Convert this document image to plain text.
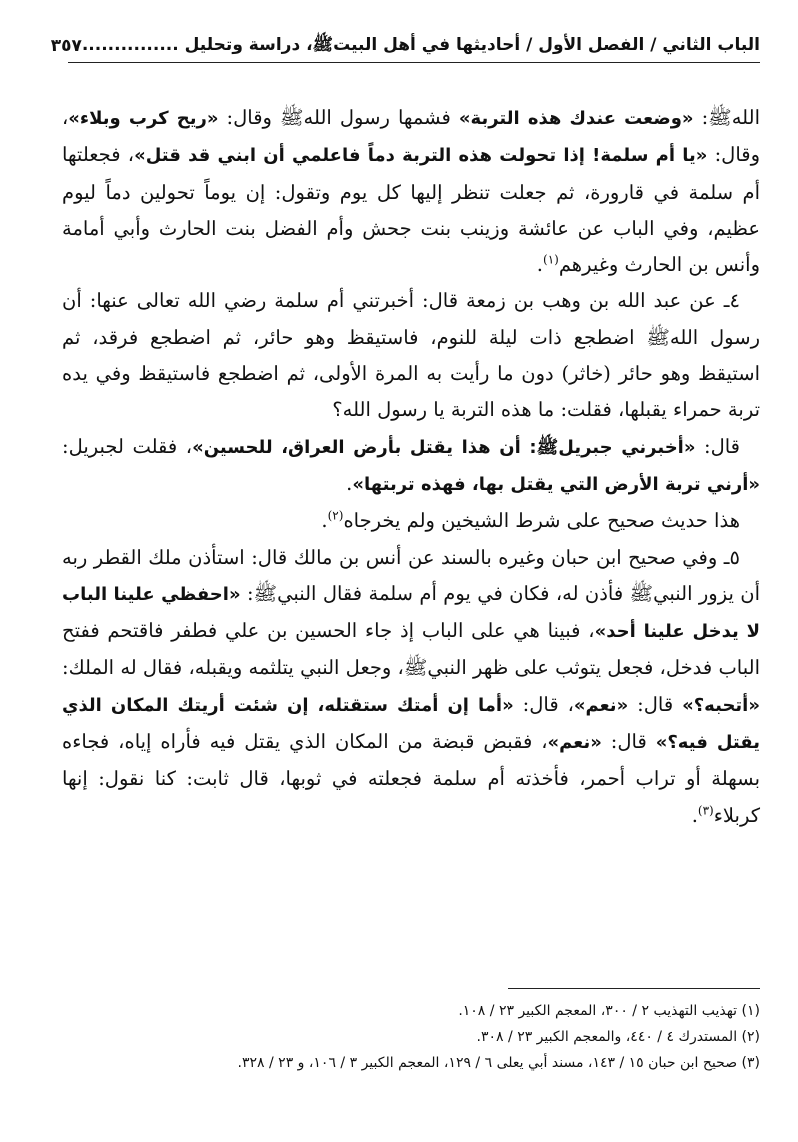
الباب الثاني / الفصل الأول / أحاديثها في أهل البيتﷺ، دراسة وتحليل ...............
٣٥٧

اللهﷺ: «وضعت عندك هذه التربة» فشمها رسول اللهﷺ وقال: «ريح كرب وبلاء»، وقال: «يا أم سلمة! إذا تحولت هذه التربة دماً فاعلمي أن ابني قد قتل»، فجعلتها أم سلمة في قارورة، ثم جعلت تنظر إليها كل يوم وتقول: إن يوماً تحولين دماً ليوم عظيم، وفي الباب عن عائشة وزينب بنت جحش وأم الفضل بنت الحارث وأبي أمامة وأنس بن الحارث وغيرهم$^{(١)}$.

٤ـ عن عبد الله بن وهب بن زمعة قال: أخبرتني أم سلمة رضي الله تعالى عنها: أن رسول اللهﷺ اضطجع ذات ليلة للنوم، فاستيقظ وهو حائر، ثم اضطجع فرقد، ثم استيقظ وهو حائر (خاثر) دون ما رأيت به المرة الأولى، ثم اضطجع فاستيقظ وفي يده تربة حمراء يقبلها، فقلت: ما هذه التربة يا رسول الله؟

قال: «أخبرني جبريلﷺ: أن هذا يقتل بأرض العراق، للحسين»، فقلت لجبريل: «أرني تربة الأرض التي يقتل بها، فهذه تربتها».

هذا حديث صحيح على شرط الشيخين ولم يخرجاه$^{(٢)}$.

٥ـ وفي صحيح ابن حبان وغيره بالسند عن أنس بن مالك قال: استأذن ملك القطر ربه أن يزور النبيﷺ فأذن له، فكان في يوم أم سلمة فقال النبيﷺ: «احفظي علينا الباب لا يدخل علينا أحد»، فبينا هي على الباب إذ جاء الحسين بن علي فطفر فاقتحم ففتح الباب فدخل، فجعل يتوثب على ظهر النبيﷺ، وجعل النبي يتلثمه ويقبله، فقال له الملك: «أتحبه؟» قال: «نعم»، قال: «أما إن أمتك ستقتله، إن شئت أريتك المكان الذي يقتل فيه؟» قال: «نعم»، فقبض قبضة من المكان الذي يقتل فيه فأراه إياه، فجاءه بسهلة أو تراب أحمر، فأخذته أم سلمة فجعلته في ثوبها، قال ثابت: كنا نقول: إنها كربلاء$^{(٣)}$.

(١) تهذيب التهذيب ٢ / ٣٠٠، المعجم الكبير ٢٣ / ١٠٨.

(٢) المستدرك ٤ / ٤٤٠، والمعجم الكبير ٢٣ / ٣٠٨.

(٣) صحيح ابن حبان ١٥ / ١٤٣، مسند أبي يعلى ٦ / ١٢٩، المعجم الكبير ٣ / ١٠٦، و ٢٣ / ٣٢٨.
